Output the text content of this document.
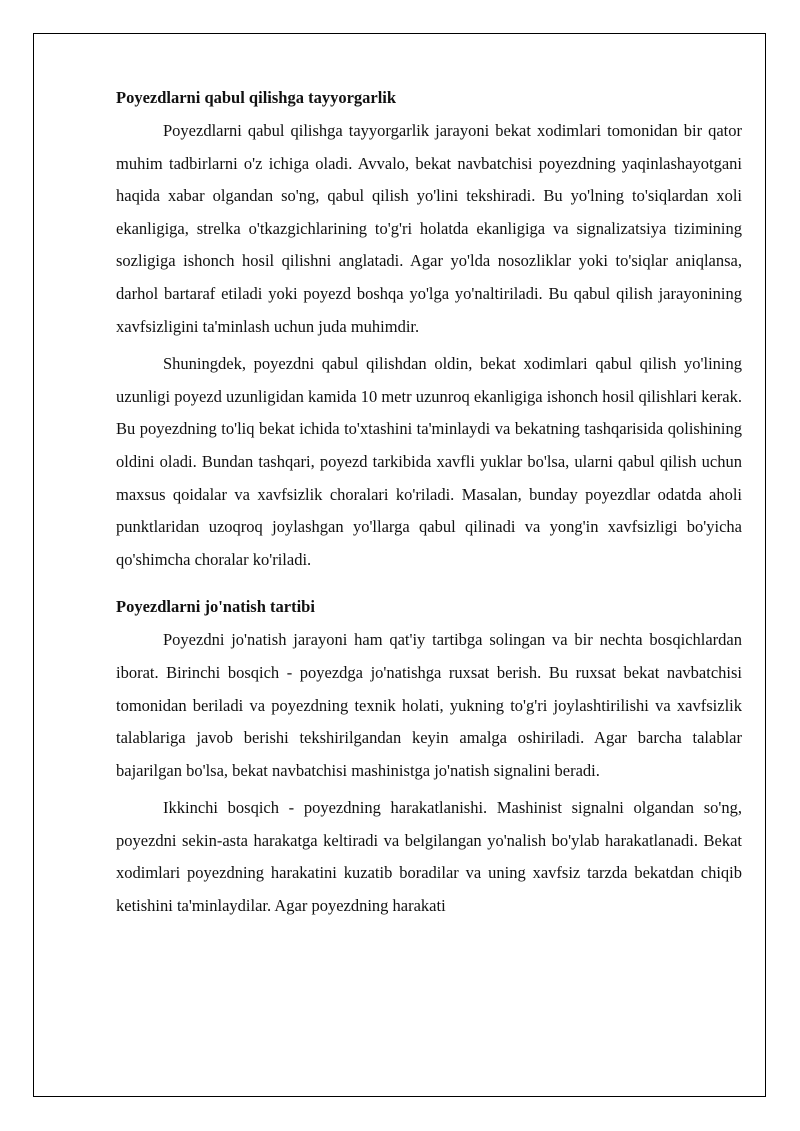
Poyezdlarni qabul qilishga tayyorgarlik

Poyezdlarni qabul qilishga tayyorgarlik jarayoni bekat xodimlari tomonidan bir qator muhim tadbirlarni o'z ichiga oladi. Avvalo, bekat navbatchisi poyezdning yaqinlashayotgani haqida xabar olgandan so'ng, qabul qilish yo'lini tekshiradi. Bu yo'lning to'siqlardan xoli ekanligiga, strelka o'tkazgichlarining to'g'ri holatda ekanligiga va signalizatsiya tizimining sozligiga ishonch hosil qilishni anglatadi. Agar yo'lda nosozliklar yoki to'siqlar aniqlansa, darhol bartaraf etiladi yoki poyezd boshqa yo'lga yo'naltiriladi. Bu qabul qilish jarayonining xavfsizligini ta'minlash uchun juda muhimdir.

Shuningdek, poyezdni qabul qilishdan oldin, bekat xodimlari qabul qilish yo'lining uzunligi poyezd uzunligidan kamida 10 metr uzunroq ekanligiga ishonch hosil qilishlari kerak. Bu poyezdning to'liq bekat ichida to'xtashini ta'minlaydi va bekatning tashqarisida qolishining oldini oladi. Bundan tashqari, poyezd tarkibida xavfli yuklar bo'lsa, ularni qabul qilish uchun maxsus qoidalar va xavfsizlik choralari ko'riladi. Masalan, bunday poyezdlar odatda aholi punktlaridan uzoqroq joylashgan yo'llarga qabul qilinadi va yong'in xavfsizligi bo'yicha qo'shimcha choralar ko'riladi.

Poyezdlarni jo'natish tartibi

Poyezdni jo'natish jarayoni ham qat'iy tartibga solingan va bir nechta bosqichlardan iborat. Birinchi bosqich - poyezdga jo'natishga ruxsat berish. Bu ruxsat bekat navbatchisi tomonidan beriladi va poyezdning texnik holati, yukning to'g'ri joylashtirilishi va xavfsizlik talablariga javob berishi tekshirilgandan keyin amalga oshiriladi. Agar barcha talablar bajarilgan bo'lsa, bekat navbatchisi mashinistga jo'natish signalini beradi.

Ikkinchi bosqich - poyezdning harakatlanishi. Mashinist signalni olgandan so'ng, poyezdni sekin-asta harakatga keltiradi va belgilangan yo'nalish bo'ylab harakatlanadi. Bekat xodimlari poyezdning harakatini kuzatib boradilar va uning xavfsiz tarzda bekatdan chiqib ketishini ta'minlaydilar. Agar poyezdning harakati
